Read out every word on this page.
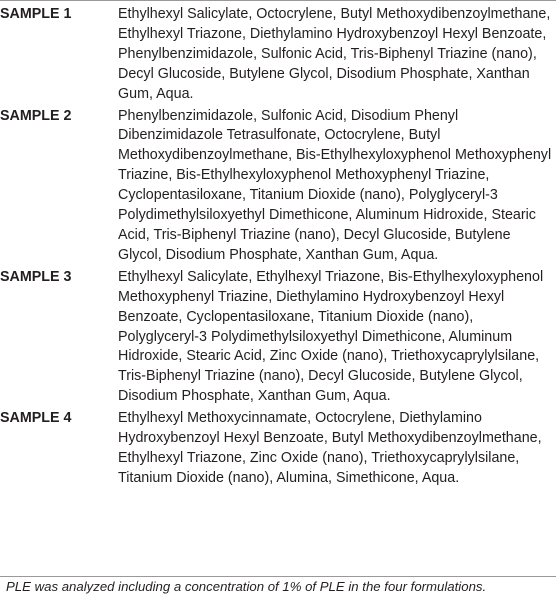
SAMPLE 1	Ethylhexyl Salicylate, Octocrylene, Butyl Methoxydibenzoylmethane, Ethylhexyl Triazone, Diethylamino Hydroxybenzoyl Hexyl Benzoate, Phenylbenzimidazole, Sulfonic Acid, Tris-Biphenyl Triazine (nano), Decyl Glucoside, Butylene Glycol, Disodium Phosphate, Xanthan Gum, Aqua.
SAMPLE 2	Phenylbenzimidazole, Sulfonic Acid, Disodium Phenyl Dibenzimidazole Tetrasulfonate, Octocrylene, Butyl Methoxydibenzoylmethane, Bis-Ethylhexyloxyphenol Methoxyphenyl Triazine, Bis-Ethylhexyloxyphenol Methoxyphenyl Triazine, Cyclopentasiloxane, Titanium Dioxide (nano), Polyglyceryl-3 Polydimethylsiloxyethyl Dimethicone, Aluminum Hidroxide, Stearic Acid, Tris-Biphenyl Triazine (nano), Decyl Glucoside, Butylene Glycol, Disodium Phosphate, Xanthan Gum, Aqua.
SAMPLE 3	Ethylhexyl Salicylate, Ethylhexyl Triazone, Bis-Ethylhexyloxyphenol Methoxyphenyl Triazine, Diethylamino Hydroxybenzoyl Hexyl Benzoate, Cyclopentasiloxane, Titanium Dioxide (nano), Polyglyceryl-3 Polydimethylsiloxyethyl Dimethicone, Aluminum Hidroxide, Stearic Acid, Zinc Oxide (nano), Triethoxycaprylylsilane, Tris-Biphenyl Triazine (nano), Decyl Glucoside, Butylene Glycol, Disodium Phosphate, Xanthan Gum, Aqua.
SAMPLE 4	Ethylhexyl Methoxycinnamate, Octocrylene, Diethylamino Hydroxybenzoyl Hexyl Benzoate, Butyl Methoxydibenzoylmethane, Ethylhexyl Triazone, Zinc Oxide (nano), Triethoxycaprylylsilane, Titanium Dioxide (nano), Alumina, Simethicone, Aqua.
PLE was analyzed including a concentration of 1% of PLE in the four formulations.
